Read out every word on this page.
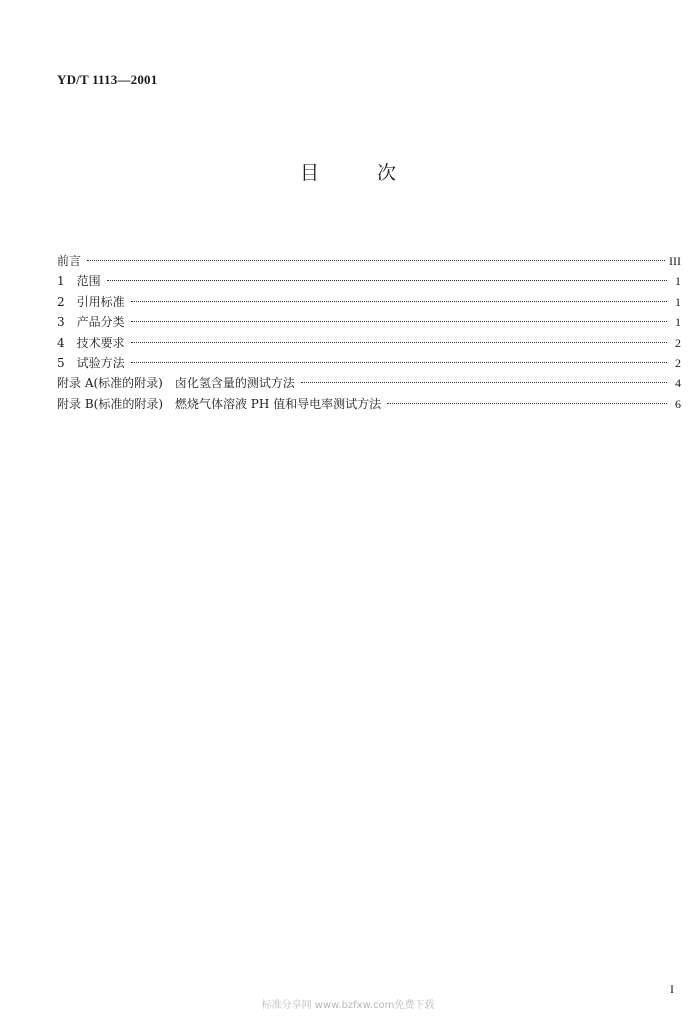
YD/T 1113—2001
目	次
前言	III
1　范围	1
2　引用标准	1
3　产品分类	1
4　技术要求	2
5　试验方法	2
附录 A(标准的附录)　卤化氢含量的测试方法	4
附录 B(标准的附录)　燃烧气体溶液 PH 值和导电率测试方法	6
I
标准分享网 www.bzfxw.com免费下载
